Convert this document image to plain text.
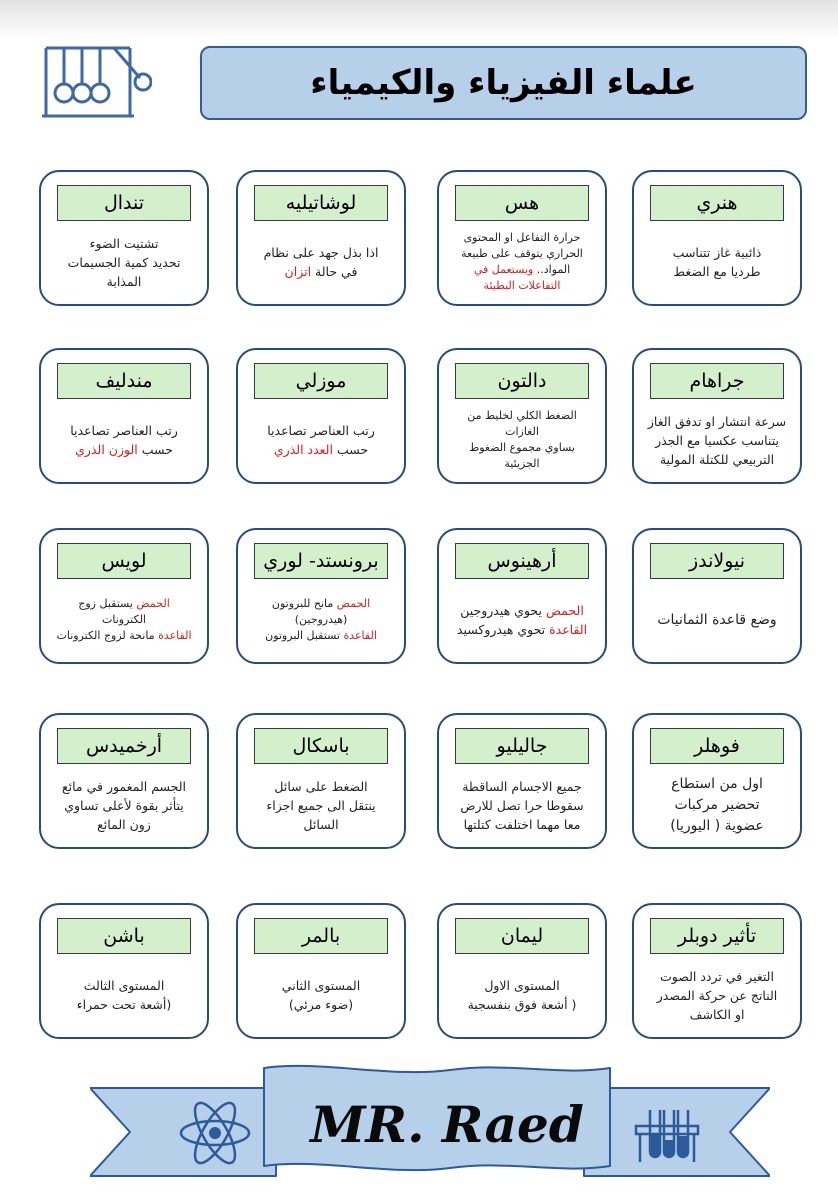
علماء الفيزياء والكيمياء
هنري
ذائبية غاز تتناسب
طرديا مع الضغط
هس
حرارة التفاعل او المحتوى
الحراري يتوقف على طبيعة
المواد.. ويستعمل في
التفاعلات البطيئة
لوشاتيليه
اذا بذل جهد على نظام
في حالة اتزان
تندال
تشتيت الضوء
تحديد كمية الجسيمات
المذابة
جراهام
سرعة انتشار او تدفق الغاز
يتناسب عكسيا مع الجذر
التربيعي للكتلة المولية
دالتون
الضغط الكلي لخليط من
الغازات
يساوي مجموع الضغوط
الجزيئية
موزلي
رتب العناصر تصاعديا
حسب العدد الذري
مندليف
رتب العناصر تصاعديا
حسب الوزن الذري
نيولاندز
وضع قاعدة الثمانيات
أرهينوس
الحمض يحوي هيدروجين
القاعدة تحوي هيدروكسيد
برونستد- لوري
الحمض مانح للبروتون
(هيدروجين)
القاعدة تستقبل البروتون
لويس
الحمض يستقبل زوج
الكترونات
القاعدة مانحة لزوج الكترونات
فوهلر
اول من استطاع
تحضير مركبات
عضوية ( اليوريا)
جاليليو
جميع الاجسام الساقطة
سقوطا حرا تصل للارض
معا مهما اختلفت كتلتها
باسكال
الضغط على سائل
ينتقل الى جميع اجزاء
السائل
أرخميدس
الجسم المغمور في مائع
يتأثر بقوة لأعلى تساوي
زون المائع
تأثير دوبلر
التغير في تردد الصوت
الناتج عن حركة المصدر
او الكاشف
ليمان
المستوى الاول
( أشعة فوق بنفسجية
بالمر
المستوى الثاني
(ضوء مرئي)
باشن
المستوى الثالث
(أشعة تحت حمراء
MR. Raed
